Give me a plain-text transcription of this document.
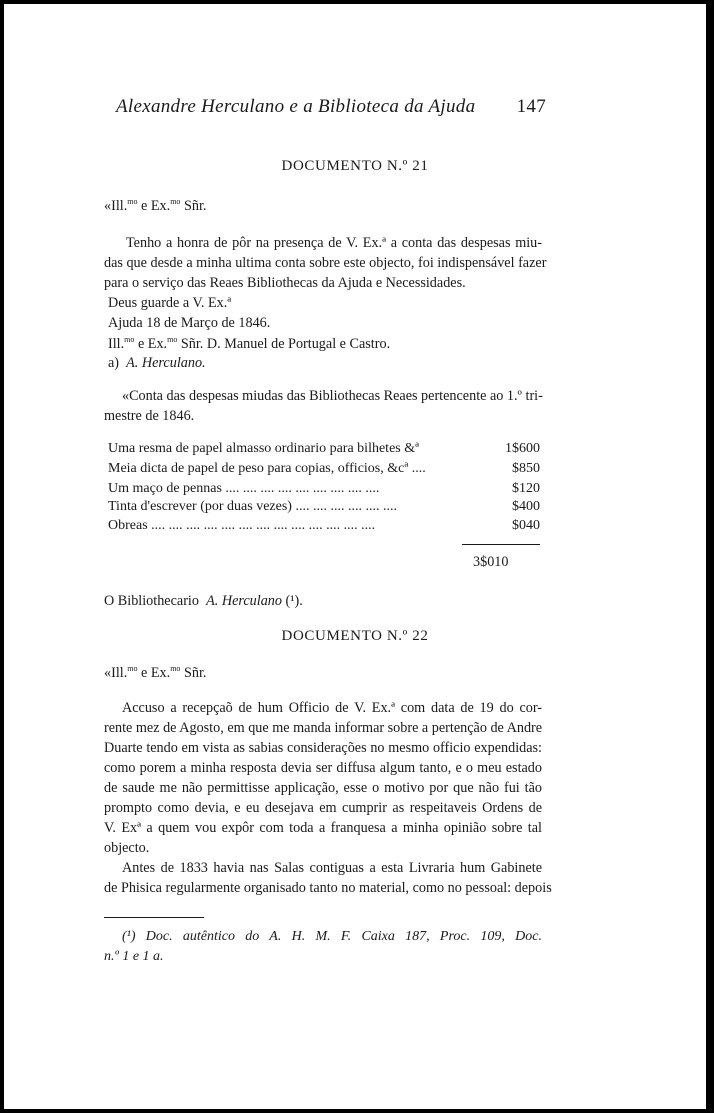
Alexandre Herculano e a Biblioteca da Ajuda 147
DOCUMENTO N.º 21
«Ill.$^{mo}$ e Ex.$^{mo}$ Sñr.
Tenho a honra de pôr na presença de V. Ex.ª a conta das despesas miu-
das que desde a minha ultima conta sobre este objecto, foi indispensável fazer
para o serviço das Reaes Bibliothecas da Ajuda e Necessidades.
Deus guarde a V. Ex.ª
Ajuda 18 de Março de 1846.
Ill.$^{mo}$ e Ex.$^{mo}$ Sñr. D. Manuel de Portugal e Castro.
a) A. Herculano.
«Conta das despesas miudas das Bibliothecas Reaes pertencente ao 1.º tri-
mestre de 1846.
Uma resma de papel almasso ordinario para bilhetes &ª	1$600
Meia dicta de papel de peso para copias, officios, &cª ....	$850
Um maço de pennas .... .... .... .... .... .... .... .... ....	$120
Tinta d'escrever (por duas vezes) .... .... .... .... .... ....	$400
Obreas .... .... .... .... .... .... .... .... .... .... .... .... ....	$040
3$010
O Bibliothecario A. Herculano (¹).
DOCUMENTO N.º 22
«Ill.$^{mo}$ e Ex.$^{mo}$ Sñr.
Accuso a recepçaõ de hum Officio de V. Ex.ª com data de 19 do cor-
rente mez de Agosto, em que me manda informar sobre a pertenção de Andre
Duarte tendo em vista as sabias considerações no mesmo officio expendidas:
como porem a minha resposta devia ser diffusa algum tanto, e o meu estado
de saude me não permittisse applicação, esse o motivo por que não fui tão
prompto como devia, e eu desejava em cumprir as respeitaveis Ordens de
V. Exª a quem vou expôr com toda a franquesa a minha opinião sobre tal
objecto.
Antes de 1833 havia nas Salas contiguas a esta Livraria hum Gabinete
de Phisica regularmente organisado tanto no material, como no pessoal: depois
(¹) Doc. autêntico do A. H. M. F. Caixa 187, Proc. 109, Doc.
n.º 1 e 1 a.
